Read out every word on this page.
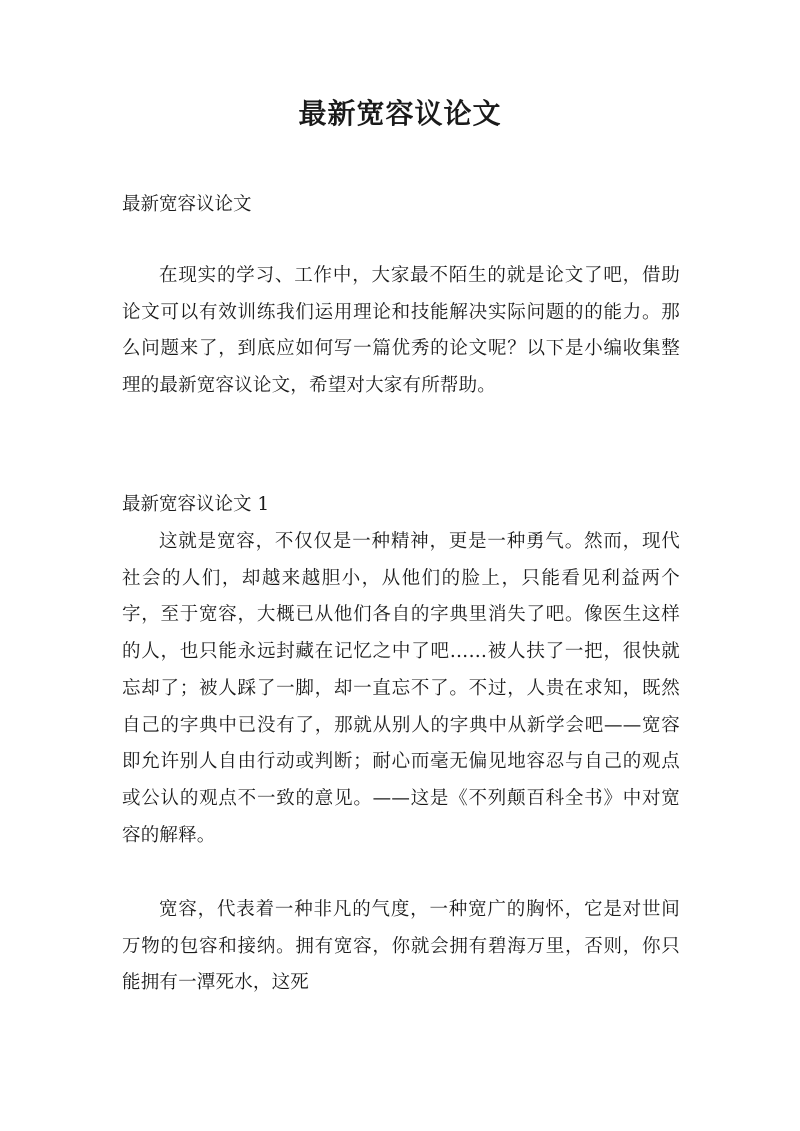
最新宽容议论文

最新宽容议论文

在现实的学习、工作中，大家最不陌生的就是论文了吧，借助论文可以有效训练我们运用理论和技能解决实际问题的的能力。那么问题来了，到底应如何写一篇优秀的论文呢？以下是小编收集整理的最新宽容议论文，希望对大家有所帮助。

最新宽容议论文 1

这就是宽容，不仅仅是一种精神，更是一种勇气。然而，现代社会的人们，却越来越胆小，从他们的脸上，只能看见利益两个字，至于宽容，大概已从他们各自的字典里消失了吧。像医生这样的人，也只能永远封藏在记忆之中了吧……被人扶了一把，很快就忘却了；被人踩了一脚，却一直忘不了。不过，人贵在求知，既然自己的字典中已没有了，那就从别人的字典中从新学会吧——宽容即允许别人自由行动或判断；耐心而毫无偏见地容忍与自己的观点或公认的观点不一致的意见。——这是《不列颠百科全书》中对宽容的解释。

宽容，代表着一种非凡的气度，一种宽广的胸怀，它是对世间万物的包容和接纳。拥有宽容，你就会拥有碧海万里，否则，你只能拥有一潭死水，这死
